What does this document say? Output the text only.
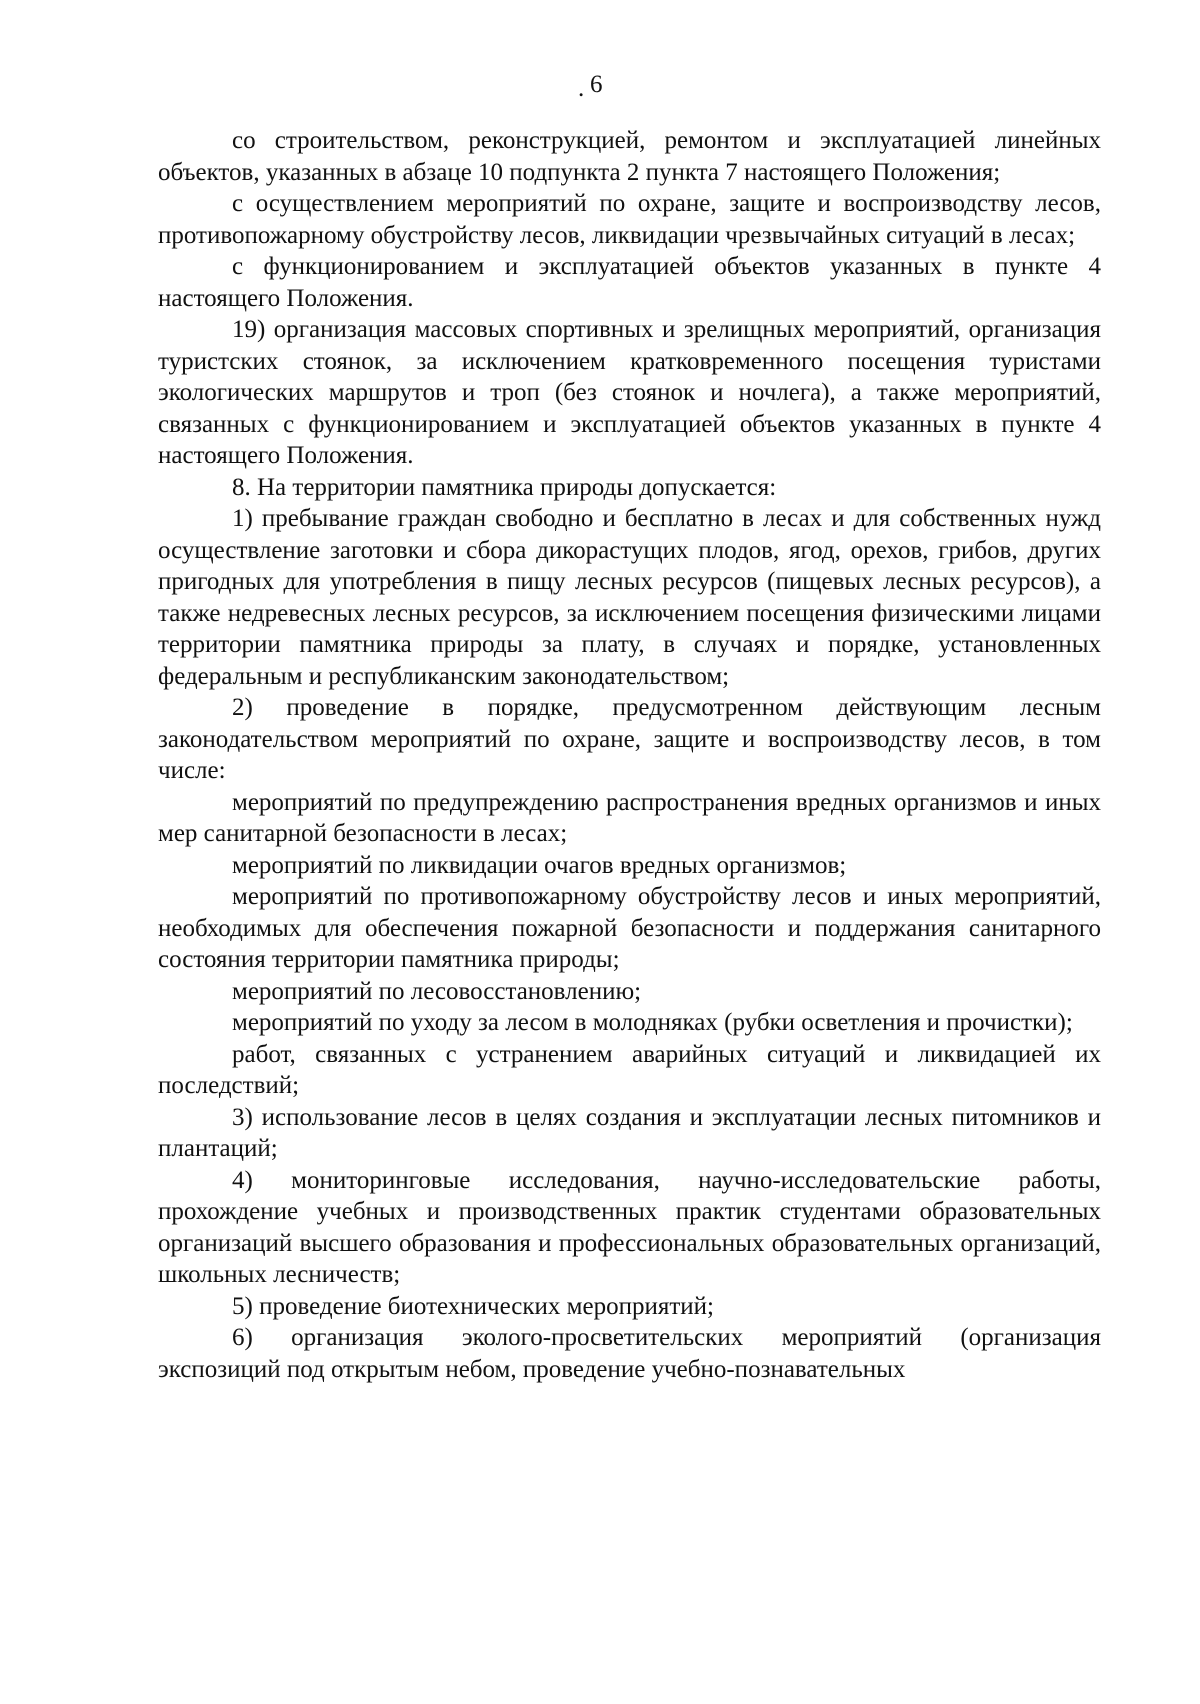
. 6

со строительством, реконструкцией, ремонтом и эксплуатацией линейных объектов, указанных в абзаце 10 подпункта 2 пункта 7 настоящего Положения;

с осуществлением мероприятий по охране, защите и воспроизводству лесов, противопожарному обустройству лесов, ликвидации чрезвычайных ситуаций в лесах;

с функционированием и эксплуатацией объектов указанных в пункте 4 настоящего Положения.

19) организация массовых спортивных и зрелищных мероприятий, организация туристских стоянок, за исключением кратковременного посещения туристами экологических маршрутов и троп (без стоянок и ночлега), а также мероприятий, связанных с функционированием и эксплуатацией объектов указанных в пункте 4 настоящего Положения.

8. На территории памятника природы допускается:

1) пребывание граждан свободно и бесплатно в лесах и для собственных нужд осуществление заготовки и сбора дикорастущих плодов, ягод, орехов, грибов, других пригодных для употребления в пищу лесных ресурсов (пищевых лесных ресурсов), а также недревесных лесных ресурсов, за исключением посещения физическими лицами территории памятника природы за плату, в случаях и порядке, установленных федеральным и республиканским законодательством;

2) проведение в порядке, предусмотренном действующим лесным законодательством мероприятий по охране, защите и воспроизводству лесов, в том числе:

мероприятий по предупреждению распространения вредных организмов и иных мер санитарной безопасности в лесах;

мероприятий по ликвидации очагов вредных организмов;

мероприятий по противопожарному обустройству лесов и иных мероприятий, необходимых для обеспечения пожарной безопасности и поддержания санитарного состояния территории памятника природы;

мероприятий по лесовосстановлению;

мероприятий по уходу за лесом в молодняках (рубки осветления и прочистки);

работ, связанных с устранением аварийных ситуаций и ликвидацией их последствий;

3) использование лесов в целях создания и эксплуатации лесных питомников и плантаций;

4) мониторинговые исследования, научно-исследовательские работы, прохождение учебных и производственных практик студентами образовательных организаций высшего образования и профессиональных образовательных организаций, школьных лесничеств;

5) проведение биотехнических мероприятий;

6) организация эколого-просветительских мероприятий (организация экспозиций под открытым небом, проведение учебно-познавательных
